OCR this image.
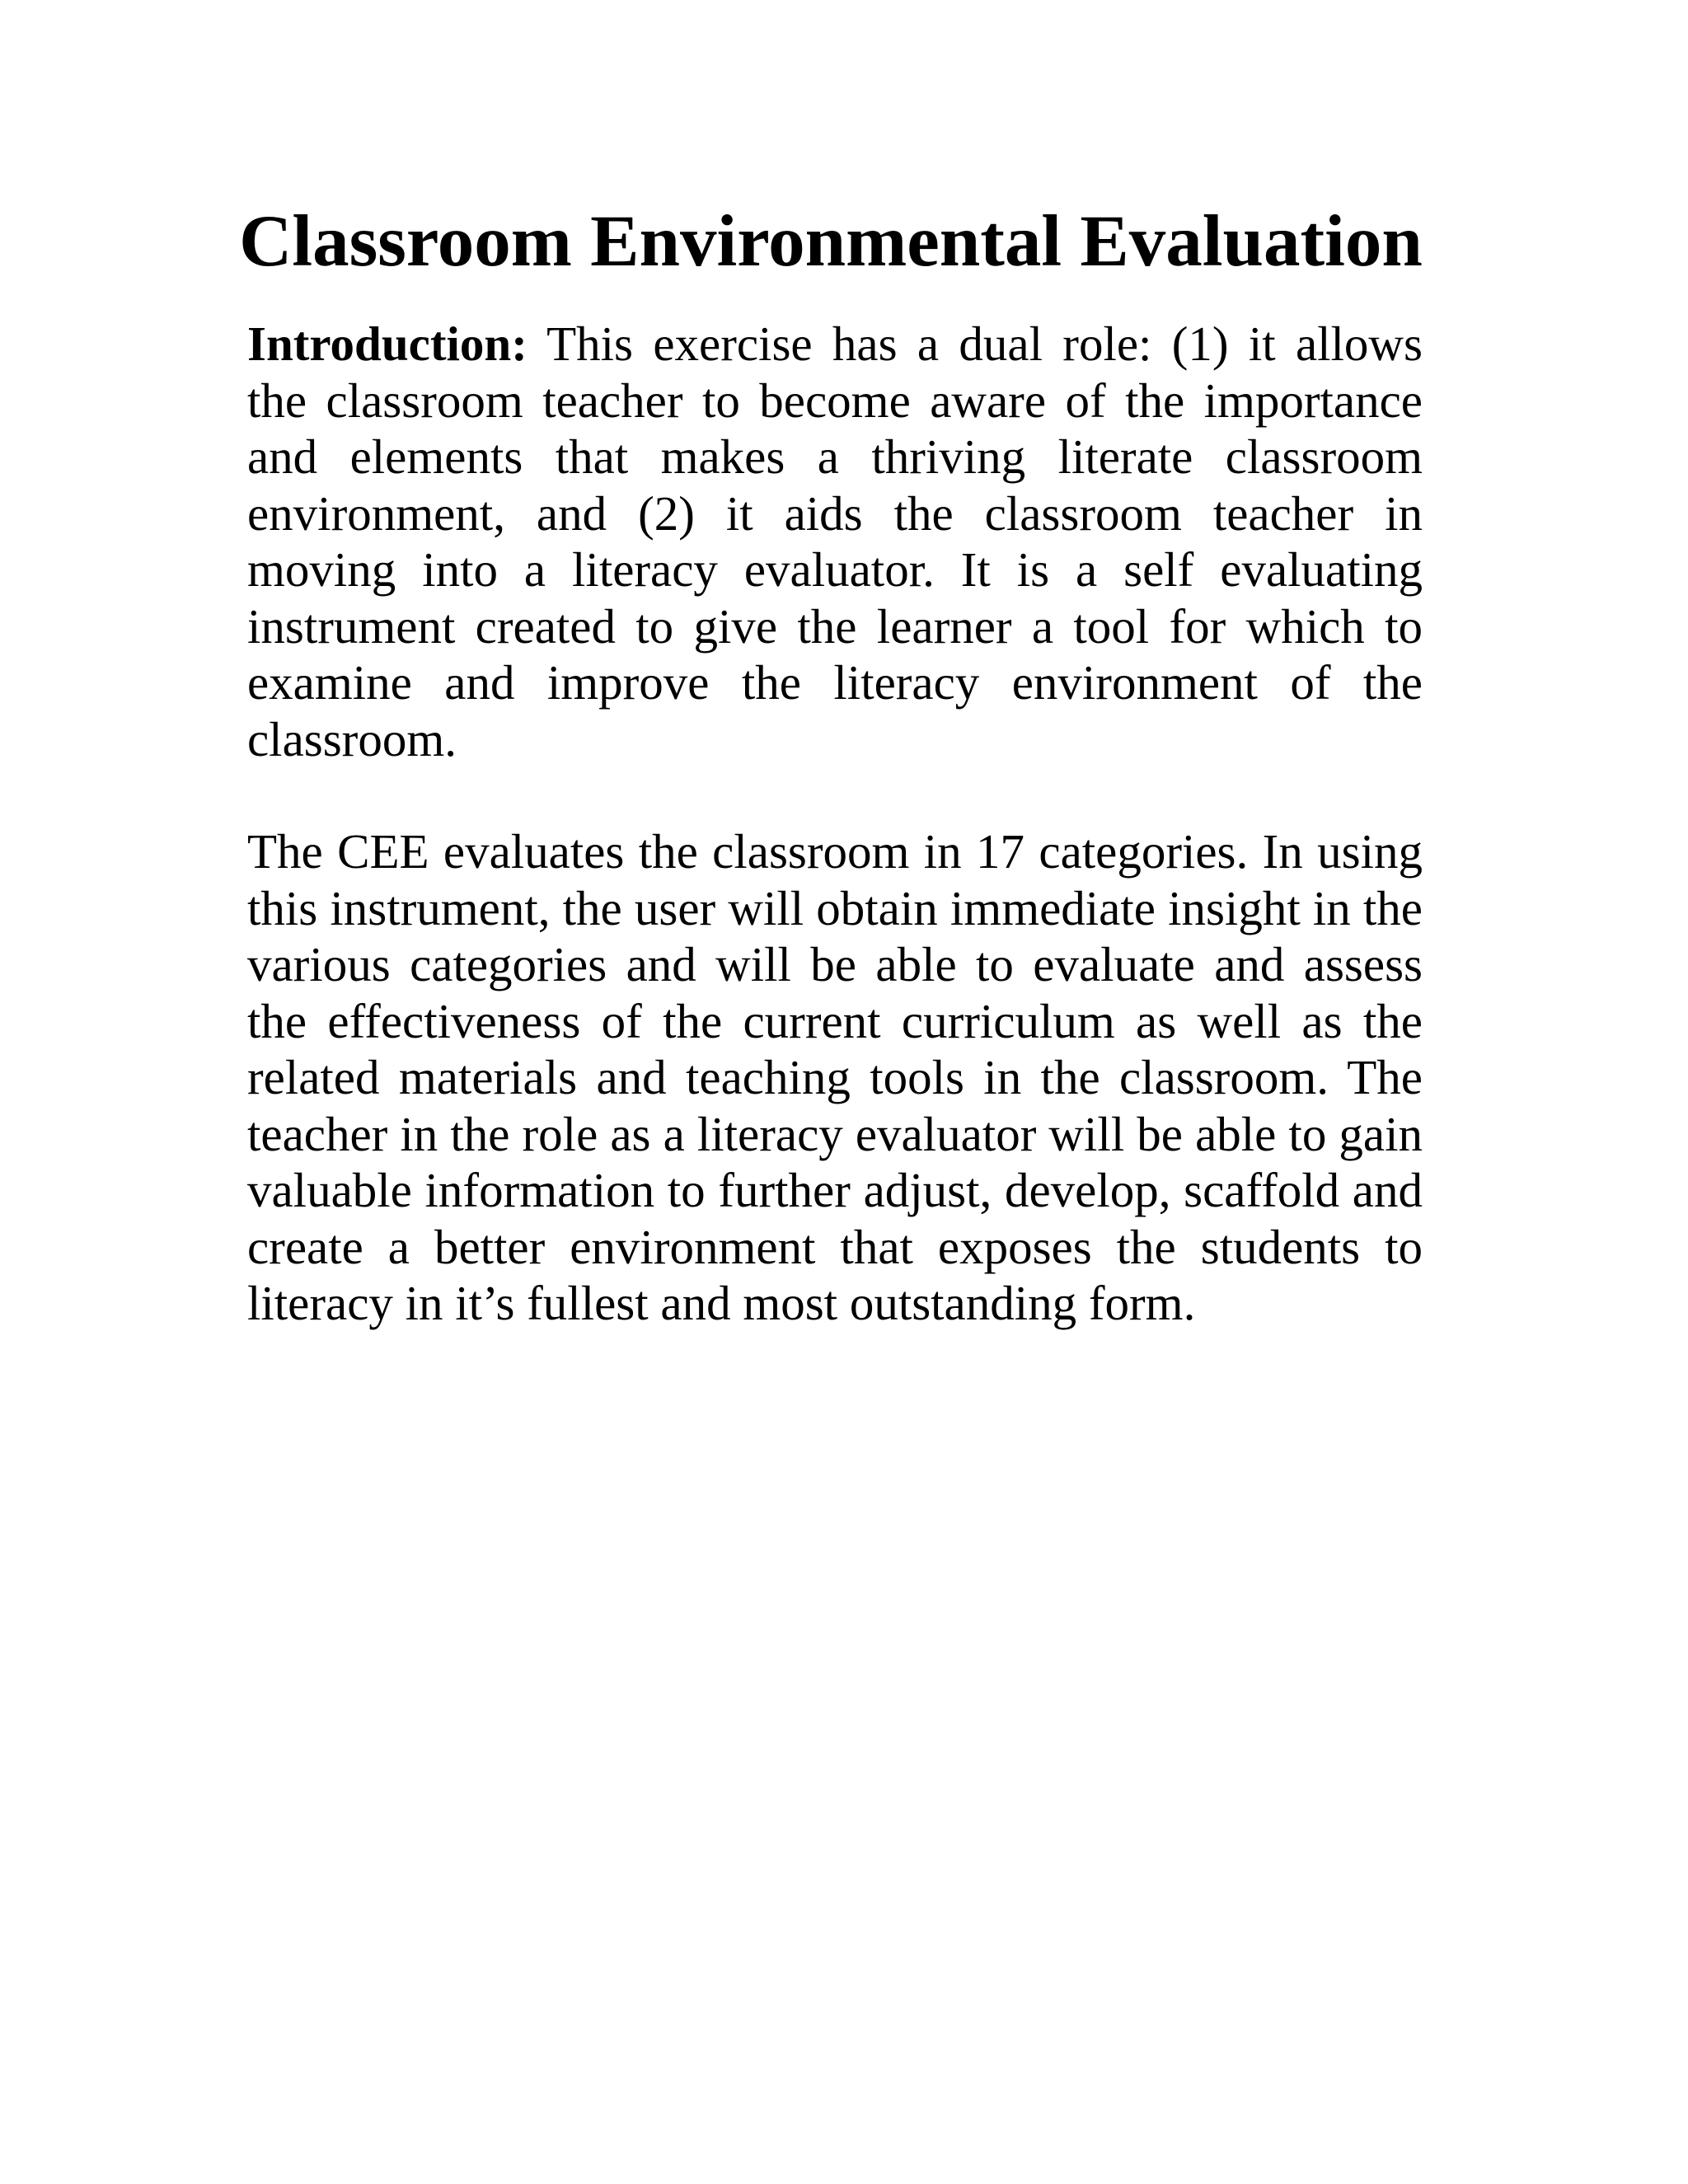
Classroom Environmental Evaluation

Introduction: This exercise has a dual role: (1) it allows the classroom teacher to become aware of the importance and elements that makes a thriving literate classroom environment, and (2) it aids the classroom teacher in moving into a literacy evaluator. It is a self evaluating instrument created to give the learner a tool for which to examine and improve the literacy environment of the classroom.

The CEE evaluates the classroom in 17 categories. In using this instrument, the user will obtain immediate insight in the various categories and will be able to evaluate and assess the effectiveness of the current curriculum as well as the related materials and teaching tools in the classroom. The teacher in the role as a literacy evaluator will be able to gain valuable information to further adjust, develop, scaffold and create a better environment that exposes the students to literacy in it’s fullest and most outstanding form.
